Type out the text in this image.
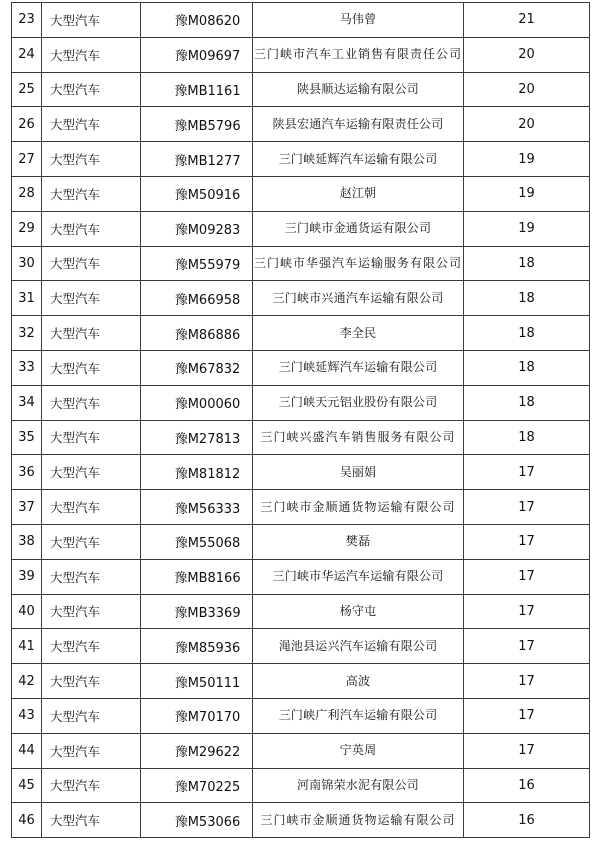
23	大型汽车	豫M08620	马伟曾	21
24	大型汽车	豫M09697	三门峡市汽车工业销售有限责任公司	20
25	大型汽车	豫MB1161	陕县顺达运输有限公司	20
26	大型汽车	豫MB5796	陕县宏通汽车运输有限责任公司	20
27	大型汽车	豫MB1277	三门峡延辉汽车运输有限公司	19
28	大型汽车	豫M50916	赵江朝	19
29	大型汽车	豫M09283	三门峡市金通货运有限公司	19
30	大型汽车	豫M55979	三门峡市华强汽车运输服务有限公司	18
31	大型汽车	豫M66958	三门峡市兴通汽车运输有限公司	18
32	大型汽车	豫M86886	李全民	18
33	大型汽车	豫M67832	三门峡延辉汽车运输有限公司	18
34	大型汽车	豫M00060	三门峡天元铝业股份有限公司	18
35	大型汽车	豫M27813	三门峡兴盛汽车销售服务有限公司	18
36	大型汽车	豫M81812	吴丽娟	17
37	大型汽车	豫M56333	三门峡市金顺通货物运输有限公司	17
38	大型汽车	豫M55068	樊磊	17
39	大型汽车	豫MB8166	三门峡市华运汽车运输有限公司	17
40	大型汽车	豫MB3369	杨守屯	17
41	大型汽车	豫M85936	渑池县运兴汽车运输有限公司	17
42	大型汽车	豫M50111	高波	17
43	大型汽车	豫M70170	三门峡广利汽车运输有限公司	17
44	大型汽车	豫M29622	宁英周	17
45	大型汽车	豫M70225	河南锦荣水泥有限公司	16
46	大型汽车	豫M53066	三门峡市金顺通货物运输有限公司	16
